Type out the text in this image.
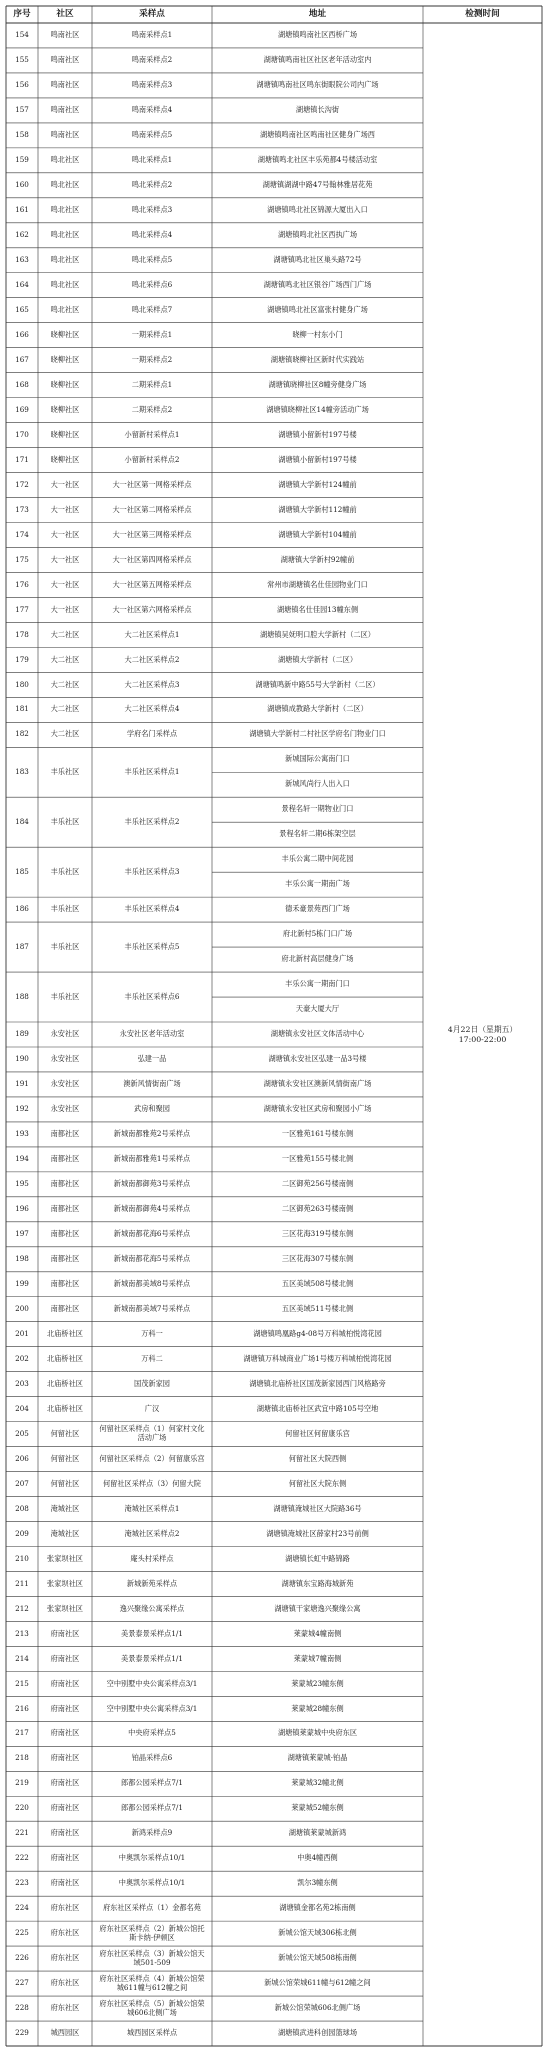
序号	社区	采样点	地址	检测时间
154	鸣南社区	鸣南采样点1	湖塘镇鸣南社区西桥广场
155	鸣南社区	鸣南采样点2	湖塘镇鸣南社区社区老年活动室内
156	鸣南社区	鸣南采样点3	湖塘镇鸣南社区鸣东街眼院公司内广场
157	鸣南社区	鸣南采样点4	湖塘镇长沟街
158	鸣南社区	鸣南采样点5	湖塘镇鸣南社区鸣南社区健身广场西
159	鸣北社区	鸣北采样点1	湖塘镇鸣北社区丰乐苑都4号楼活动室
160	鸣北社区	鸣北采样点2	湖塘镇湖湖中路47号翰林雅居花苑
161	鸣北社区	鸣北采样点3	湖塘镇鸣北社区锦源大厦出入口
162	鸣北社区	鸣北采样点4	湖塘镇鸣北社区西执广场
163	鸣北社区	鸣北采样点5	湖塘镇鸣北社区巢头路72号
164	鸣北社区	鸣北采样点6	湖塘镇鸣北社区银谷广场西门广场
165	鸣北社区	鸣北采样点7	湖塘镇鸣北社区富张村健身广场
166	晓柳社区	一期采样点1	晓柳一村东小门
167	晓柳社区	一期采样点2	湖塘镇晓柳社区新时代实践站
168	晓柳社区	二期采样点1	湖塘镇晓柳社区8幢旁健身广场
169	晓柳社区	二期采样点2	湖塘镇晓柳社区14幢旁活动广场
170	晓柳社区	小留新村采样点1	湖塘镇小留新村197号楼
171	晓柳社区	小留新村采样点2	湖塘镇小留新村197号楼
172	大一社区	大一社区第一网格采样点	湖塘镇大学新村124幢前
173	大一社区	大一社区第二网格采样点	湖塘镇大学新村112幢前
174	大一社区	大一社区第三网格采样点	湖塘镇大学新村104幢前
175	大一社区	大一社区第四网格采样点	湖塘镇大学新村92幢前
176	大一社区	大一社区第五网格采样点	常州市湖塘镇名仕佳园物业门口
177	大一社区	大一社区第六网格采样点	湖塘镇名仕佳园13幢东侧
178	大二社区	大二社区采样点1	湖塘镇吴妩明口腔大学新村（二区）
179	大二社区	大二社区采样点2	湖塘镇大学新村（二区）
180	大二社区	大二社区采样点3	湖塘镇鸣新中路55号大学新村（二区）
181	大二社区	大二社区采样点4	湖塘镇成教路大学新村（二区）
182	大二社区	学府名门采样点	湖塘镇大学新村二村社区学府名门物业门口
183	丰乐社区	丰乐社区采样点1
新城国际公寓南门口
新城风尚行人出入口
184	丰乐社区	丰乐社区采样点2
景程名轩一期物业门口
景程名轩二期6栋架空层
185	丰乐社区	丰乐社区采样点3
丰乐公寓二期中间花园
丰乐公寓一期南广场
186	丰乐社区	丰乐社区采样点4	德禾豪景苑西门广场
187	丰乐社区	丰乐社区采样点5
府北新村5栋门口广场
府北新村高层健身广场
188	丰乐社区	丰乐社区采样点6
丰乐公寓一期南门口
天豪大厦大厅
189	永安社区	永安社区老年活动室	湖塘镇永安社区文体活动中心
190	永安社区	弘建一品	湖塘镇永安社区弘建一品3号楼
191	永安社区	澳新风情街南广场	湖塘镇永安社区澳新风情街南广场
192	永安社区	武房和聚园	湖塘镇永安社区武房和聚园小广场
193	南都社区	新城南都雅苑2号采样点	一区雅苑161号楼东侧
194	南都社区	新城南都雅苑1号采样点	一区雅苑155号楼北侧
195	南都社区	新城南都御苑3号采样点	二区御苑256号楼南侧
196	南都社区	新城南都御苑4号采样点	二区御苑263号楼南侧
197	南都社区	新城南都花海6号采样点	三区花海319号楼东侧
198	南都社区	新城南都花海5号采样点	三区花海307号楼东侧
199	南都社区	新城南都美域8号采样点	五区美域508号楼北侧
200	南都社区	新城南都美域7号采样点	五区美域511号楼北侧
201	北庙桥社区	万科一	湖塘镇鸣凰路g4-08号万科城柏悦湾花园
202	北庙桥社区	万科二	湖塘镇万科城商业广场1号楼万科城柏悦湾花园
203	北庙桥社区	国茂新家园	湖塘镇北庙桥社区国茂新家园西门风格路旁
204	北庙桥社区	广汉	湖塘镇北庙桥社区武宜中路105号空地
205	何留社区	何留社区采样点（1）何家村文化活动广场	何留社区何留康乐宫
206	何留社区	何留社区采样点（2）何留康乐宫	何留社区大院西侧
207	何留社区	何留社区采样点（3）何留大院	何留社区大院东侧
208	淹城社区	淹城社区采样点1	湖塘镇淹城社区大院路36号
209	淹城社区	淹城社区采样点2	湖塘镇淹城社区薛家村23号前侧
210	张家坝社区	庵头村采样点	湖塘镇长虹中路锦路
211	张家坝社区	新城新苑采样点	湖塘镇东宝路海城新苑
212	张家坝社区	逸兴聚缘公寓采样点	湖塘镇干家塘逸兴聚缘公寓
213	府南社区	美景泰景采样点1/1	莱蒙城4幢南侧
214	府南社区	美景泰景采样点1/1	莱蒙城7幢南侧
215	府南社区	空中别墅中央公寓采样点3/1	莱蒙城23幢东侧
216	府南社区	空中别墅中央公寓采样点3/1	莱蒙城28幢东侧
217	府南社区	中央府采样点5	湖塘镇莱蒙城中央府东区
218	府南社区	铂晶采样点6	湖塘镇莱蒙城·铂晶
219	府南社区	郎都公园采样点7/1	莱蒙城32幢北侧
220	府南社区	郎都公园采样点7/1	莱蒙城52幢东侧
221	府南社区	新鸿采样点9	湖塘镇莱蒙城新鸿
222	府南社区	中奥凯尔采样点10/1	中奥4幢西侧
223	府南社区	中奥凯尔采样点10/1	凯尔3幢东侧
224	府东社区	府东社区采样点（1）金都名苑	湖塘镇金都名苑2栋南侧
225	府东社区	府东社区采样点（2）新城公馆托斯卡纳·伊顿区	新城公馆天域306栋北侧
226	府东社区	府东社区采样点（3）新城公馆天域501-509	新城公馆天域508栋南侧
227	府东社区	府东社区采样点（4）新城公馆荣城611幢与612幢之间	新城公馆荣城611幢与612幢之间
228	府东社区	府东社区采样点（5）新城公馆荣城606北侧广场	新城公馆荣城606北侧广场
229	城西园区	城西园区采样点	湖塘镇武进科创园篮球场
4月22日（星期五）
17:00-22:00
